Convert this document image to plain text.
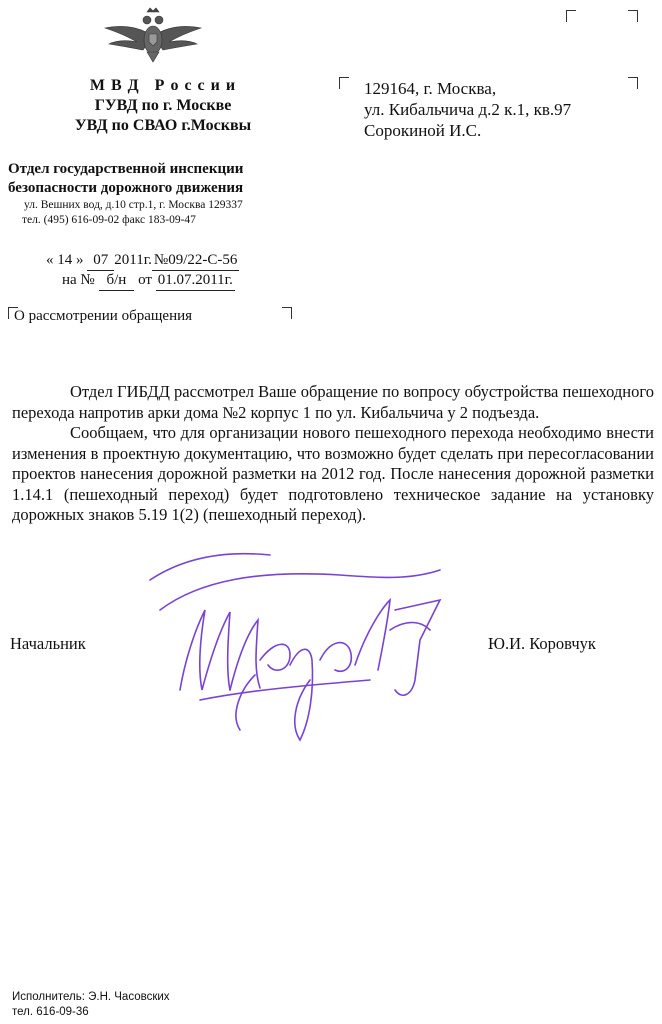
М В Д   Р о с с и и
ГУВД по г. Москве
УВД по СВАО г.Москвы
Отдел государственной инспекции
безопасности дорожного движения
ул. Вешних вод, д.10 стр.1, г. Москва 129337
тел. (495) 616-09-02 факс 183-09-47
« 14 » 07 2011г. №09/22-С-56
на № б/н от 01.07.2011г.
О рассмотрении обращения
129164, г. Москва,
ул. Кибальчича д.2 к.1, кв.97
Сорокиной И.С.

Отдел ГИБДД рассмотрел Ваше обращение по вопросу обустройства пешеходного перехода напротив арки дома №2 корпус 1 по ул. Кибальчича у 2 подъезда.

Сообщаем, что для организации нового пешеходного перехода необходимо внести изменения в проектную документацию, что возможно будет сделать при пересогласовании проектов нанесения дорожной разметки на 2012 год. После нанесения дорожной разметки 1.14.1 (пешеходный переход) будет подготовлено техническое задание на установку дорожных знаков 5.19 1(2) (пешеходный переход).

Начальник	Ю.И. Коровчук
Исполнитель: Э.Н. Часовских
тел. 616-09-36
